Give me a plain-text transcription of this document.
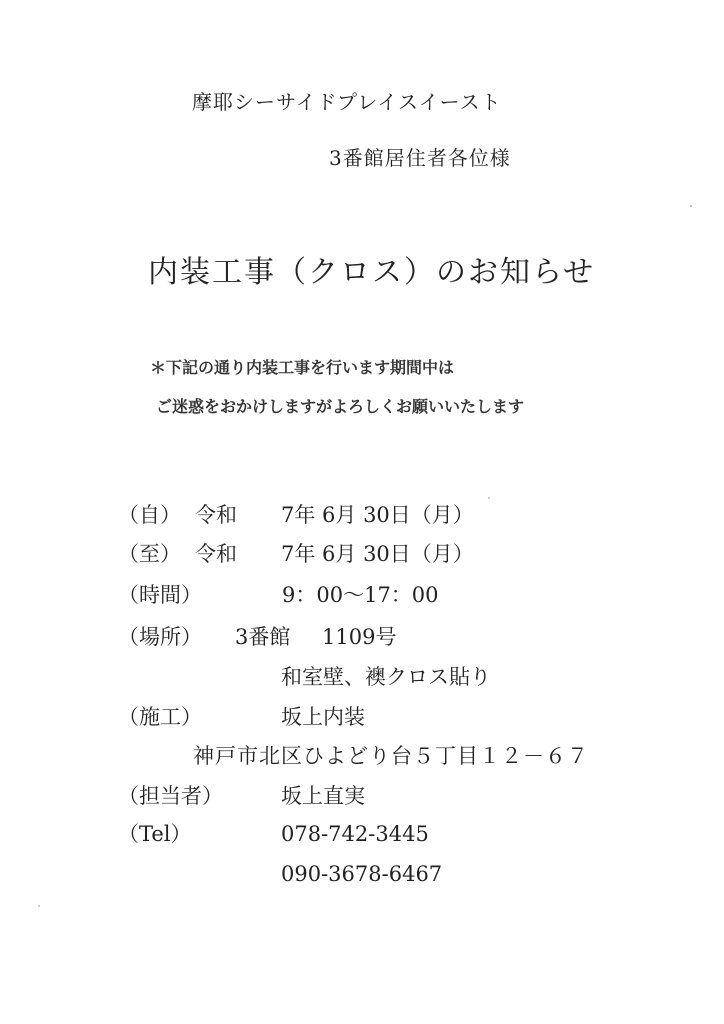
摩耶シーサイドプレイスイースト
3番館居住者各位様
内装工事（クロス）のお知らせ
＊下記の通り内装工事を行います期間中は
ご迷惑をおかけしますがよろしくお願いいたします
（自） 令和 7年 6月 30日（月）
（至） 令和 7年 6月 30日（月）
（時間）	9：00～17：00
（場所） 3番館 1109号
和室壁、襖クロス貼り
（施工）	坂上内装
神戸市北区ひよどり台５丁目１２－６７
（担当者）	坂上直実
（Tel）	078-742-3445
090-3678-6467
